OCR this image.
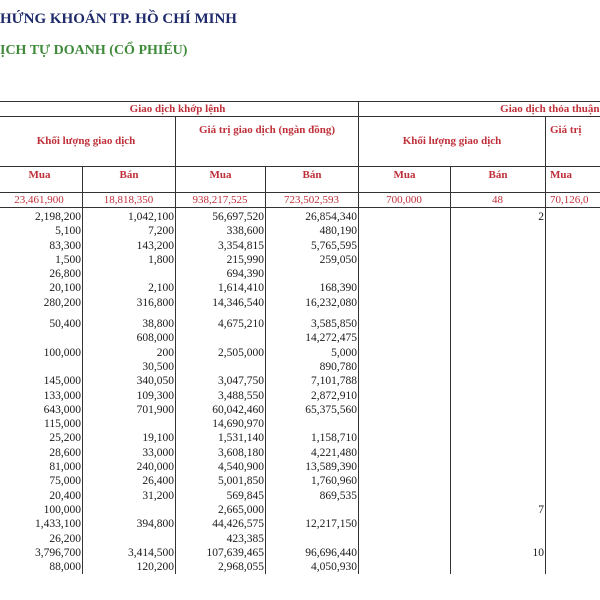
HỨNG KHOÁN TP. HỒ CHÍ MINH
ỊCH TỰ DOANH (CỔ PHIẾU)
Giao dịch khớp lệnh				Giao dịch thỏa thuận		
Khối lượng giao dịch		Giá trị giao dịch (ngàn đồng)		Khối lượng giao dịch		Giá trị
Mua	Bán	Mua	Bán	Mua	Bán	Mua
23,461,900	18,818,350	938,217,525	723,502,593	700,000	48	70,126,0
2,198,200	1,042,100	56,697,520	26,854,340		2	
5,100	7,200	338,600	480,190			
83,300	143,200	3,354,815	5,765,595			
1,500	1,800	215,990	259,050			
26,800		694,390				
20,100	2,100	1,614,410	168,390			
280,200	316,800	14,346,540	16,232,080			

50,400	38,800	4,675,210	3,585,850			
	608,000		14,272,475			
100,000	200	2,505,000	5,000			
	30,500		890,780			
145,000	340,050	3,047,750	7,101,788			
133,000	109,300	3,488,550	2,872,910			
643,000	701,900	60,042,460	65,375,560			
115,000		14,690,970				
25,200	19,100	1,531,140	1,158,710			
28,600	33,000	3,608,180	4,221,480			
81,000	240,000	4,540,900	13,589,390			
75,000	26,400	5,001,850	1,760,960			
20,400	31,200	569,845	869,535			
100,000		2,665,000			7	
1,433,100	394,800	44,426,575	12,217,150			
26,200		423,385				
3,796,700	3,414,500	107,639,465	96,696,440		10	
88,000	120,200	2,968,055	4,050,930			
